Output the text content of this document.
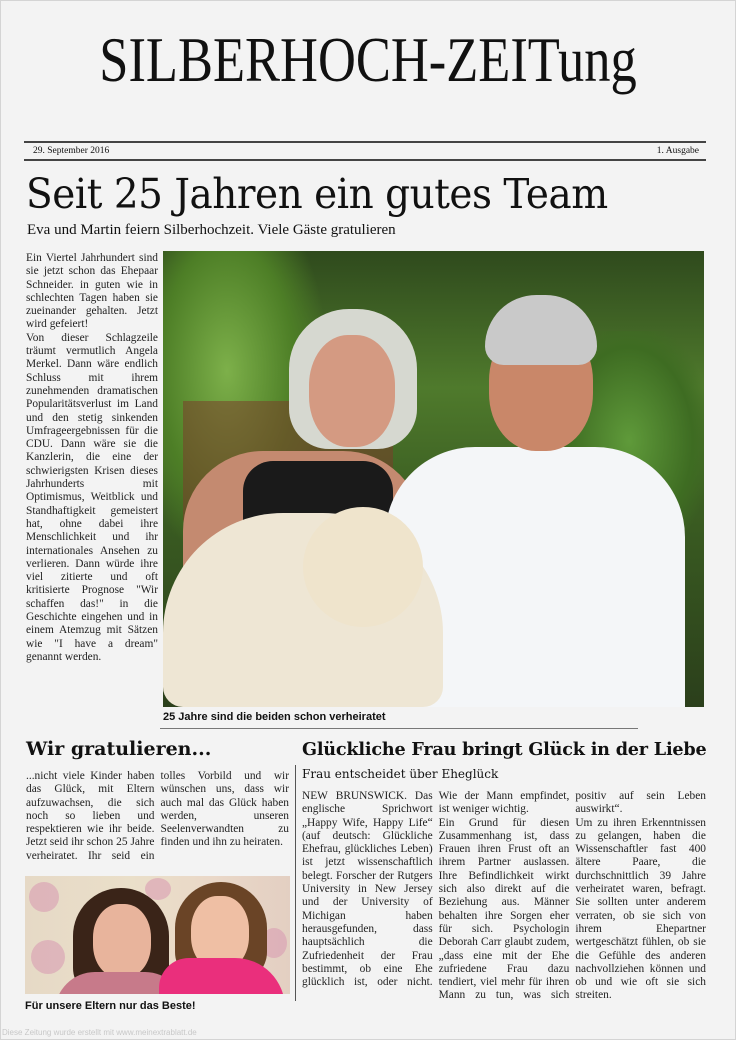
SILBERHOCH-ZEITung
29. September 2016	1. Ausgabe
Seit 25 Jahren ein gutes Team
Eva und Martin feiern Silberhochzeit. Viele Gäste gratulieren

Ein Viertel Jahrhundert sind sie jetzt schon das Ehepaar Schneider. in guten wie in schlechten Tagen haben sie zueinander gehalten. Jetzt wird gefeiert!

Von dieser Schlagzeile träumt vermutlich Angela Merkel. Dann wäre endlich Schluss mit ihrem zunehmenden dramatischen Popularitätsverlust im Land und den stetig sinkenden Umfrageergebnissen für die CDU. Dann wäre sie die Kanzlerin, die eine der schwierigsten Krisen dieses Jahrhunderts mit Optimismus, Weitblick und Standhaftigkeit gemeistert hat, ohne dabei ihre Menschlichkeit und ihr internationales Ansehen zu verlieren. Dann würde ihre viel zitierte und oft kritisierte Prognose "Wir schaffen das!" in die Geschichte eingehen und in einem Atemzug mit Sätzen wie "I have a dream" genannt werden.

25 Jahre sind die beiden schon verheiratet
Wir gratulieren...

...nicht viele Kinder haben das Glück, mit Eltern aufzuwachsen, die sich noch so lieben und respektieren wie ihr beide. Jetzt seid ihr schon 25 Jahre verheiratet. Ihr seid ein tolles Vorbild und wir wünschen uns, dass wir auch mal das Glück haben werden, unseren Seelenverwandten zu finden und ihn zu heiraten.

Für unsere Eltern nur das Beste!
Glückliche Frau bringt Glück in der Liebe
Frau entscheidet über Eheglück

NEW BRUNSWICK. Das englische Sprichwort „Happy Wife, Happy Life“ (auf deutsch: Glückliche Ehefrau, glückliches Leben) ist jetzt wissenschaftlich belegt. Forscher der Rutgers University in New Jersey und der University of Michigan haben herausgefunden, dass hauptsächlich die Zufriedenheit der Frau bestimmt, ob eine Ehe glücklich ist, oder nicht. Wie der Mann empfindet, ist weniger wichtig.

Ein Grund für diesen Zusammenhang ist, dass Frauen ihren Frust oft an ihrem Partner auslassen. Ihre Befindlichkeit wirkt sich also direkt auf die Beziehung aus. Männer behalten ihre Sorgen eher für sich. Psychologin Deborah Carr glaubt zudem, „dass eine mit der Ehe zufriedene Frau dazu tendiert, viel mehr für ihren Mann zu tun, was sich positiv auf sein Leben auswirkt“.

Um zu ihren Erkenntnissen zu gelangen, haben die Wissenschaftler fast 400 ältere Paare, die durchschnittlich 39 Jahre verheiratet waren, befragt. Sie sollten unter anderem verraten, ob sie sich von ihrem Ehepartner wertgeschätzt fühlen, ob sie die Gefühle des anderen nachvollziehen können und ob und wie oft sie sich streiten.

Diese Zeitung wurde erstellt mit www.meinextrablatt.de
